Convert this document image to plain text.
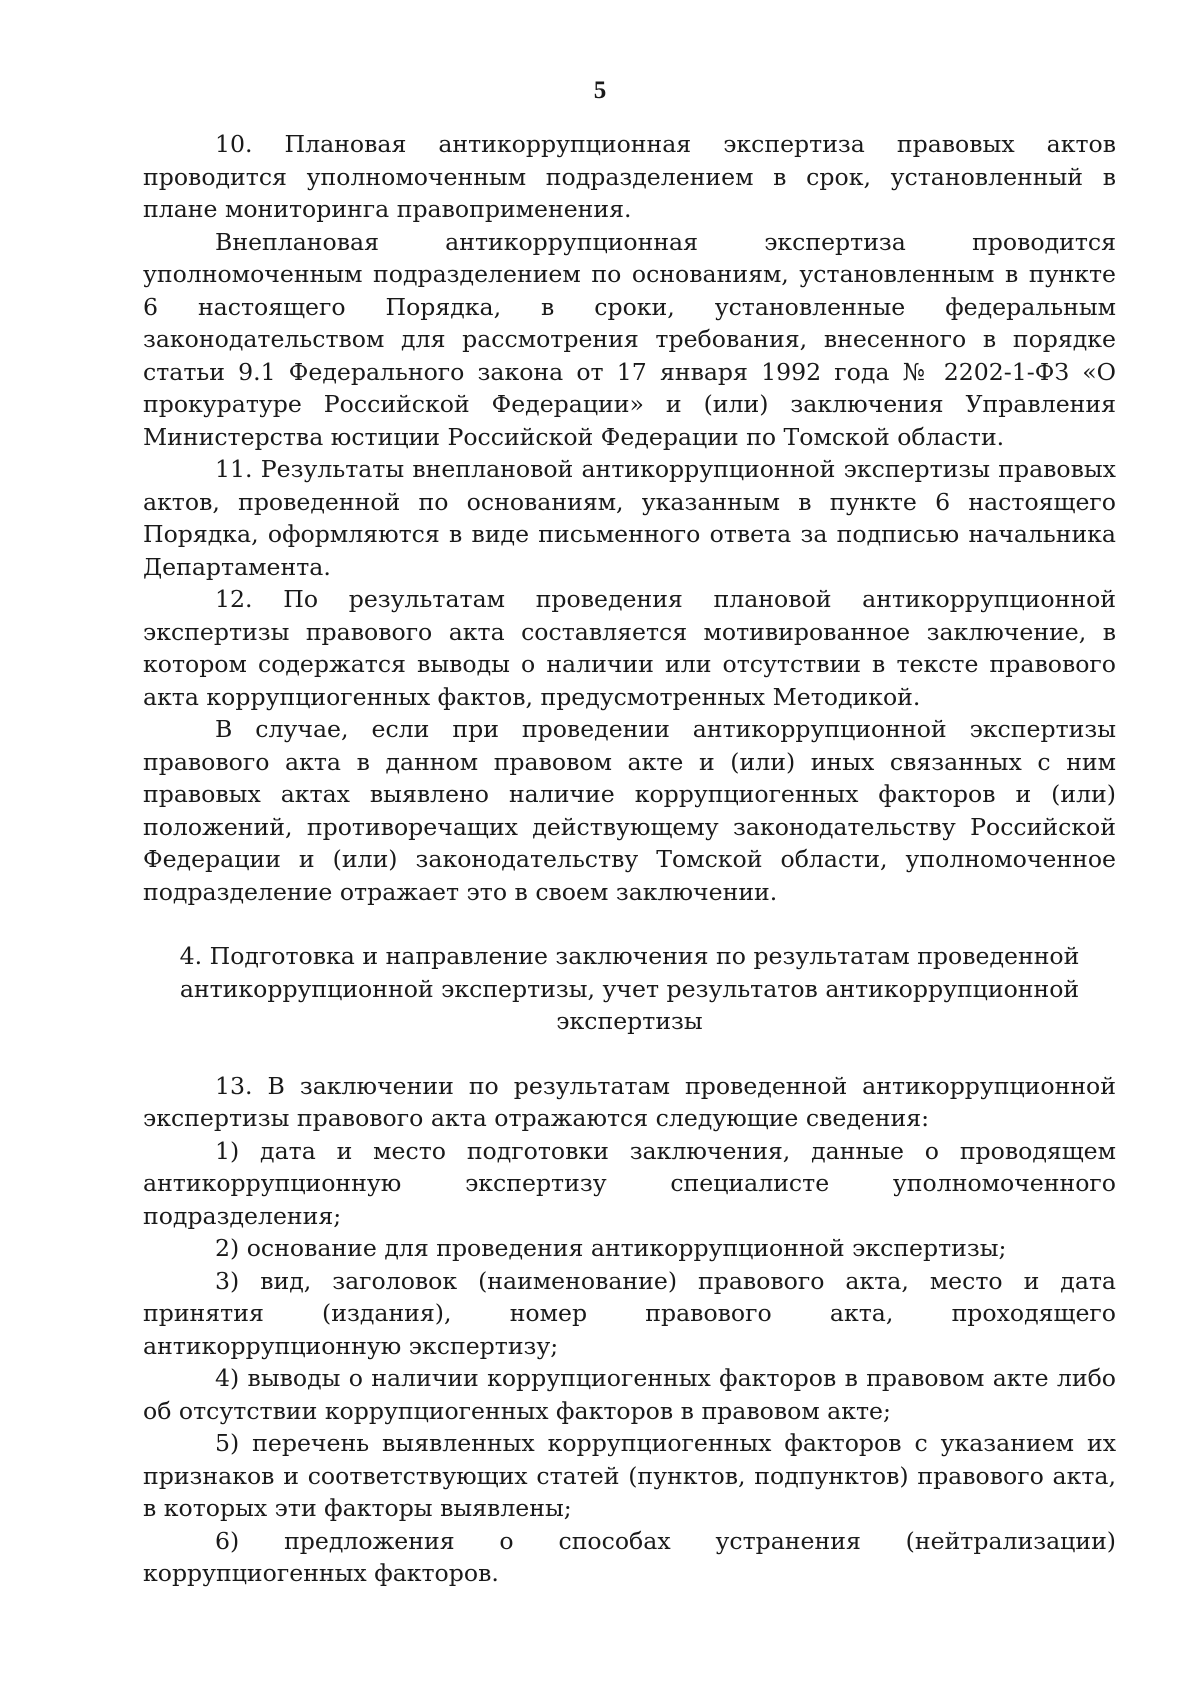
5

10. Плановая антикоррупционная экспертиза правовых актов проводится уполномоченным подразделением в срок, установленный в плане мониторинга правоприменения.

Внеплановая антикоррупционная экспертиза проводится уполномоченным подразделением по основаниям, установленным в пункте 6 настоящего Порядка, в сроки, установленные федеральным законодательством для рассмотрения требования, внесенного в порядке статьи 9.1 Федерального закона от 17 января 1992 года № 2202-1-ФЗ «О прокуратуре Российской Федерации» и (или) заключения Управления Министерства юстиции Российской Федерации по Томской области.

11. Результаты внеплановой антикоррупционной экспертизы правовых актов, проведенной по основаниям, указанным в пункте 6 настоящего Порядка, оформляются в виде письменного ответа за подписью начальника Департамента.

12. По результатам проведения плановой антикоррупционной экспертизы правового акта составляется мотивированное заключение, в котором содержатся выводы о наличии или отсутствии в тексте правового акта коррупциогенных фактов, предусмотренных Методикой.

В случае, если при проведении антикоррупционной экспертизы правового акта в данном правовом акте и (или) иных связанных с ним правовых актах выявлено наличие коррупциогенных факторов и (или) положений, противоречащих действующему законодательству Российской Федерации и (или) законодательству Томской области, уполномоченное подразделение отражает это в своем заключении.

4. Подготовка и направление заключения по результатам проведенной
антикоррупционной экспертизы, учет результатов антикоррупционной
экспертизы

13. В заключении по результатам проведенной антикоррупционной экспертизы правового акта отражаются следующие сведения:

1) дата и место подготовки заключения, данные о проводящем антикоррупционную экспертизу специалисте уполномоченного подразделения;

2) основание для проведения антикоррупционной экспертизы;

3) вид, заголовок (наименование) правового акта, место и дата принятия (издания), номер правового акта, проходящего антикоррупционную экспертизу;

4) выводы о наличии коррупциогенных факторов в правовом акте либо об отсутствии коррупциогенных факторов в правовом акте;

5) перечень выявленных коррупциогенных факторов с указанием их признаков и соответствующих статей (пунктов, подпунктов) правового акта, в которых эти факторы выявлены;

6) предложения о способах устранения (нейтрализации) коррупциогенных факторов.
